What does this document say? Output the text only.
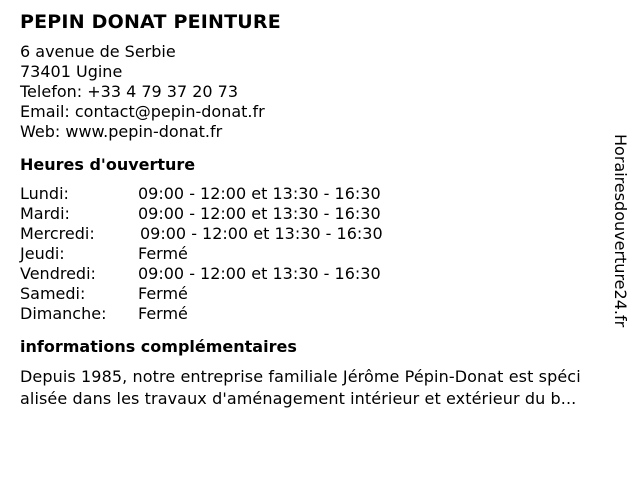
PEPIN DONAT PEINTURE
6 avenue de Serbie
73401 Ugine
Telefon: +33 4 79 37 20 73
Email: contact@pepin-donat.fr
Web: www.pepin-donat.fr
Heures d'ouverture
Lundi:	09:00 - 12:00 et 13:30 - 16:30
Mardi:	09:00 - 12:00 et 13:30 - 16:30
Mercredi:	09:00 - 12:00 et 13:30 - 16:30
Jeudi:	Fermé
Vendredi:	09:00 - 12:00 et 13:30 - 16:30
Samedi:	Fermé
Dimanche:	Fermé
informations complémentaires
Depuis 1985, notre entreprise familiale Jérôme Pépin-Donat est spéci
alisée dans les travaux d'aménagement intérieur et extérieur du b...
Horairesdouverture24.fr
